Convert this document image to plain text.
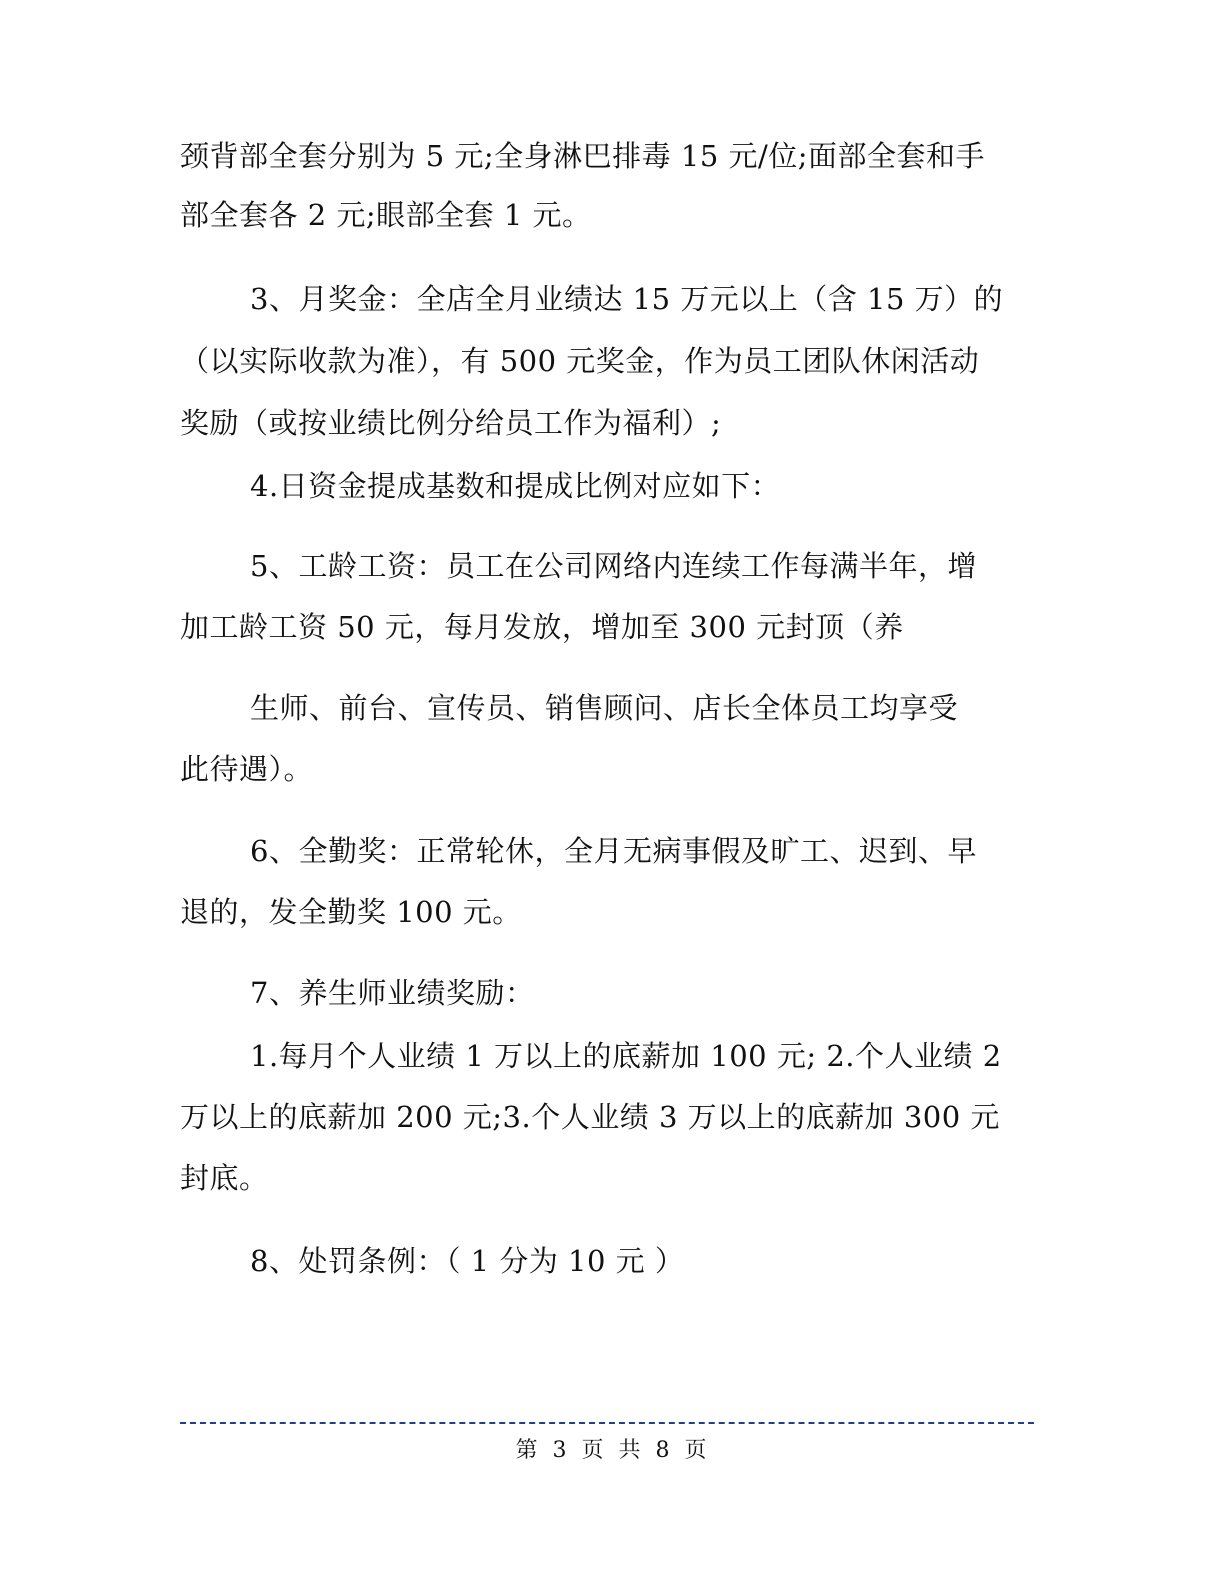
颈背部全套分别为 5 元;全身淋巴排毒 15 元/位;面部全套和手
部全套各 2 元;眼部全套 1 元。
3、月奖金：全店全月业绩达 15 万元以上（含 15 万）的
（以实际收款为准），有 500 元奖金，作为员工团队休闲活动
奖励（或按业绩比例分给员工作为福利）;
4.日资金提成基数和提成比例对应如下：
5、工龄工资：员工在公司网络内连续工作每满半年，增
加工龄工资 50 元，每月发放，增加至 300 元封顶（养
生师、前台、宣传员、销售顾问、店长全体员工均享受
此待遇）。
6、全勤奖：正常轮休，全月无病事假及旷工、迟到、早
退的，发全勤奖 100 元。
7、养生师业绩奖励：
1.每月个人业绩 1 万以上的底薪加 100 元; 2.个人业绩 2
万以上的底薪加 200 元;3.个人业绩 3 万以上的底薪加 300 元
封底。
8、处罚条例：（ 1 分为 10 元 ）
第 3 页 共 8 页
